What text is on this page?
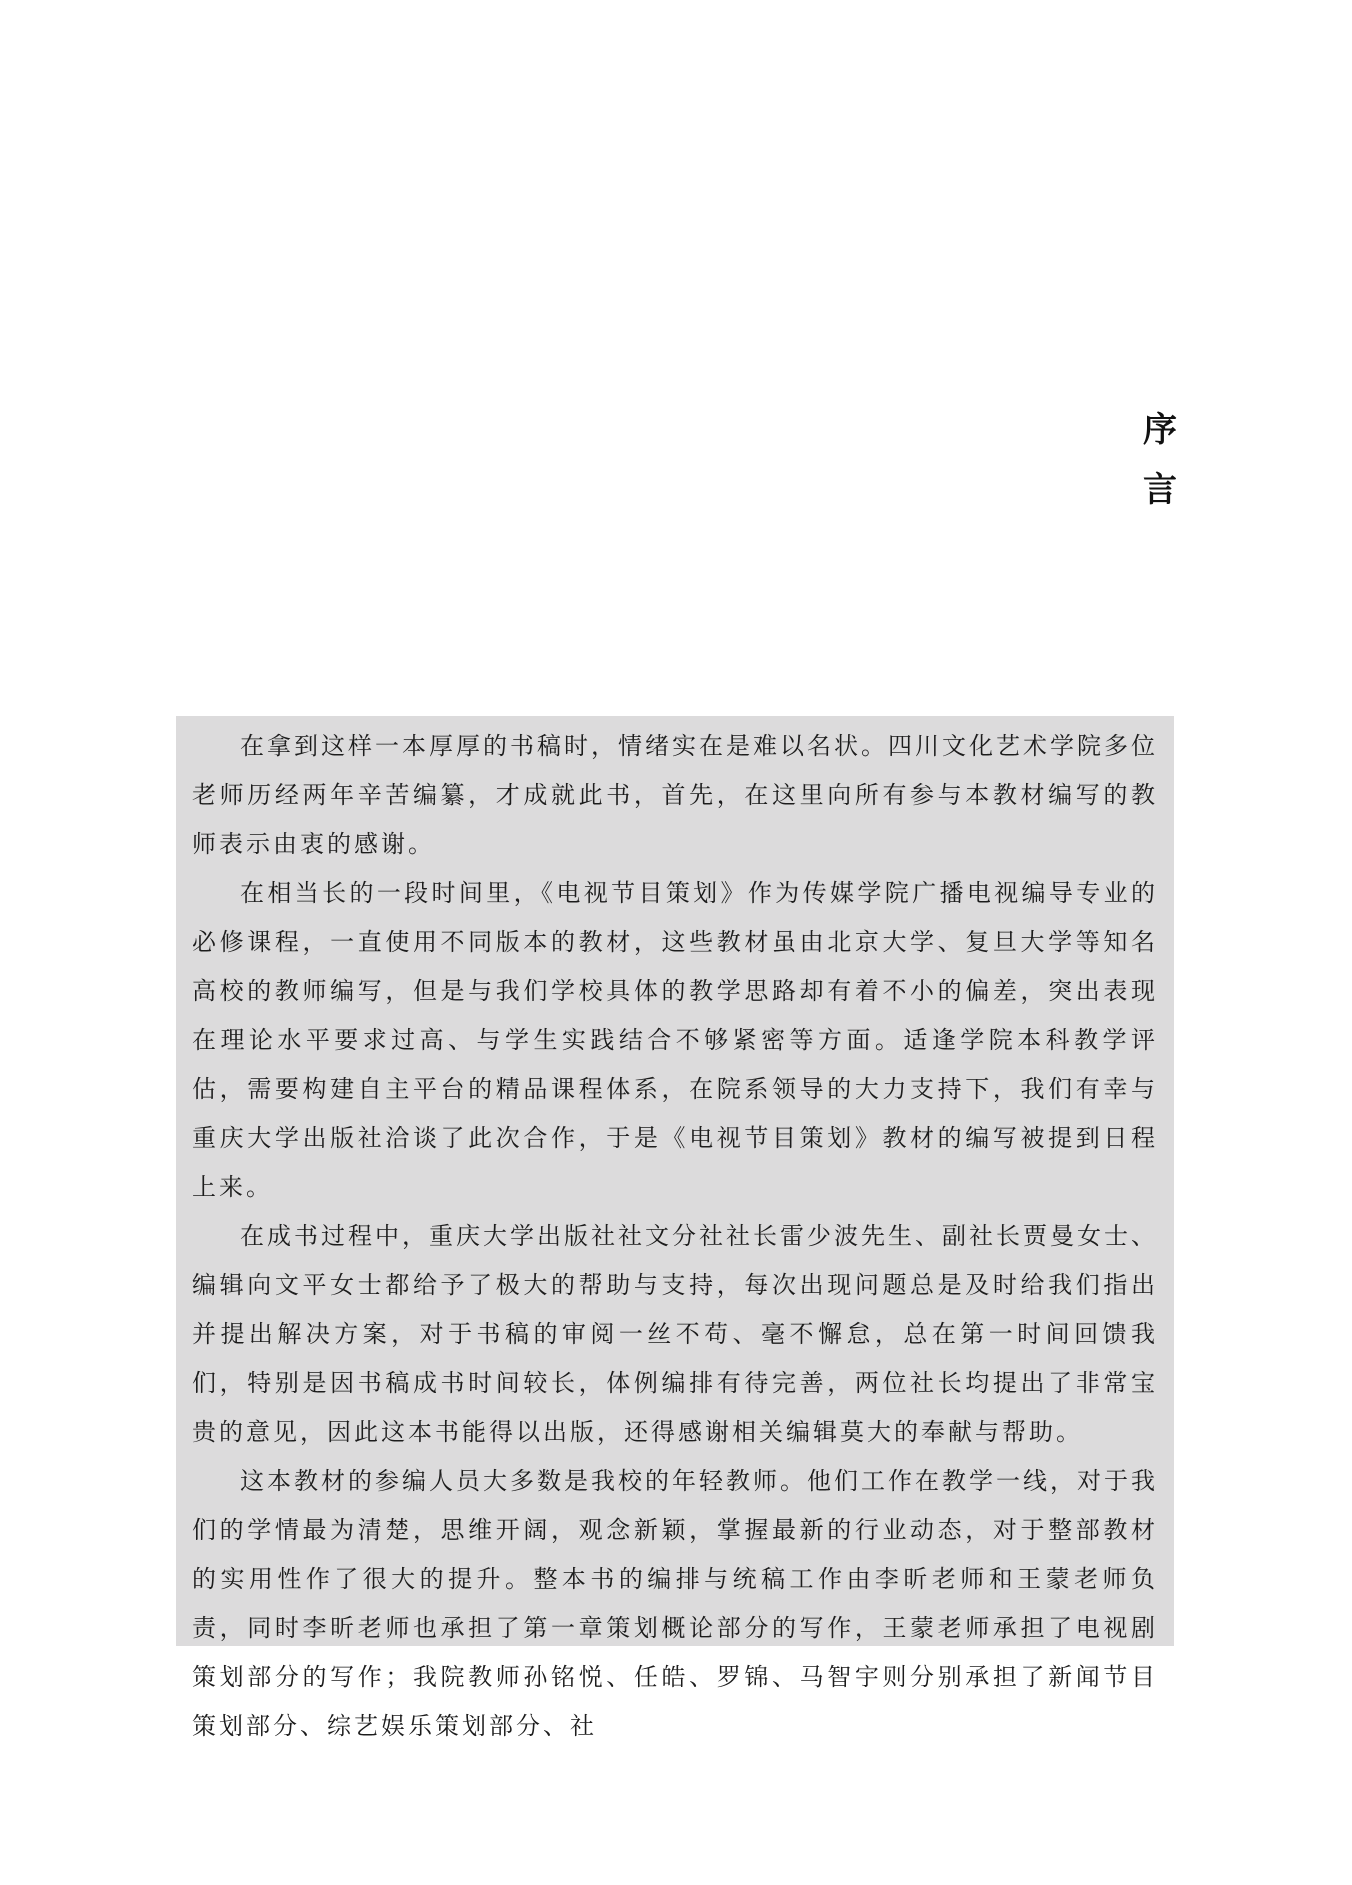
序
言

在拿到这样一本厚厚的书稿时，情绪实在是难以名状。四川文化艺术学院多位老师历经两年辛苦编纂，才成就此书，首先，在这里向所有参与本教材编写的教师表示由衷的感谢。

在相当长的一段时间里，《电视节目策划》作为传媒学院广播电视编导专业的必修课程，一直使用不同版本的教材，这些教材虽由北京大学、复旦大学等知名高校的教师编写，但是与我们学校具体的教学思路却有着不小的偏差，突出表现在理论水平要求过高、与学生实践结合不够紧密等方面。适逢学院本科教学评估，需要构建自主平台的精品课程体系，在院系领导的大力支持下，我们有幸与重庆大学出版社洽谈了此次合作，于是《电视节目策划》教材的编写被提到日程上来。

在成书过程中，重庆大学出版社社文分社社长雷少波先生、副社长贾曼女士、编辑向文平女士都给予了极大的帮助与支持，每次出现问题总是及时给我们指出并提出解决方案，对于书稿的审阅一丝不苟、毫不懈怠，总在第一时间回馈我们，特别是因书稿成书时间较长，体例编排有待完善，两位社长均提出了非常宝贵的意见，因此这本书能得以出版，还得感谢相关编辑莫大的奉献与帮助。

这本教材的参编人员大多数是我校的年轻教师。他们工作在教学一线，对于我们的学情最为清楚，思维开阔，观念新颖，掌握最新的行业动态，对于整部教材的实用性作了很大的提升。整本书的编排与统稿工作由李昕老师和王蒙老师负责，同时李昕老师也承担了第一章策划概论部分的写作，王蒙老师承担了电视剧策划部分的写作；我院教师孙铭悦、任皓、罗锦、马智宇则分别承担了新闻节目策划部分、综艺娱乐策划部分、社
